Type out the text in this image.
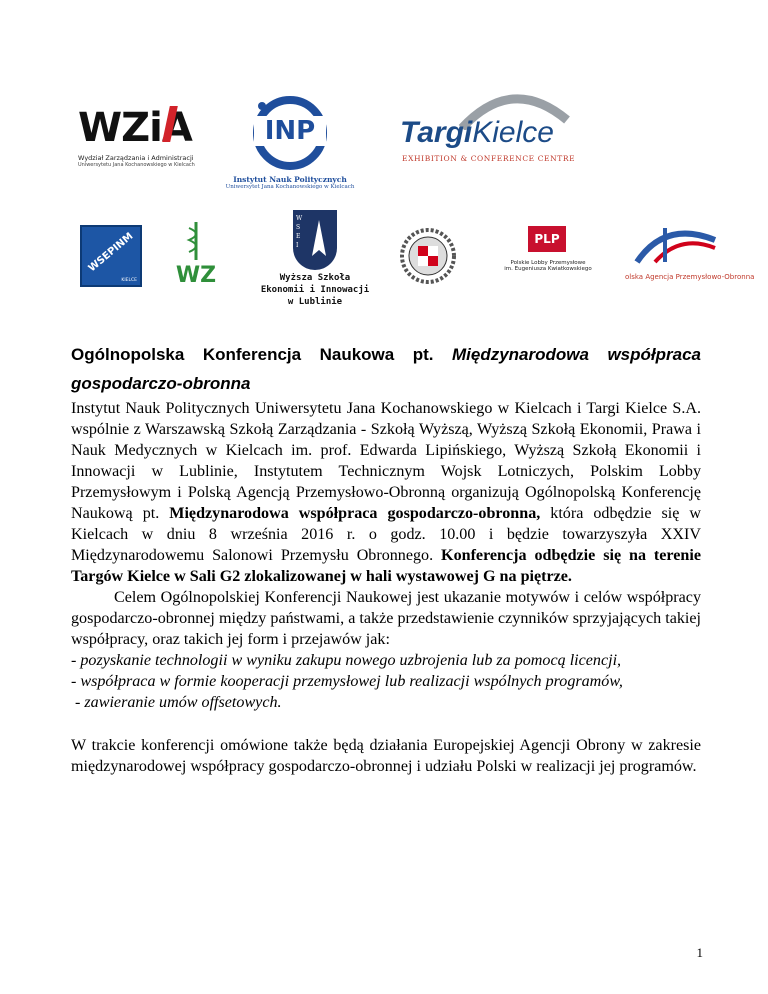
WZiA
Wydział Zarządzania i Administracji
Uniwersytetu Jana Kochanowskiego w Kielcach
INP
Instytut Nauk Politycznych
Uniwersytet Jana Kochanowskiego w Kielcach
TargiKielce
EXHIBITION & CONFERENCE CENTRE
WSEPINM
KIELCE	WZ
W S E I
Wyższa Szkoła
Ekonomii i Innowacji
w Lublinie
PLP
Polskie Lobby Przemysłowe
im. Eugeniusza Kwiatkowskiego
olska Agencja Przemysłowo-Obronna
Ogólnopolska Konferencja Naukowa pt. Międzynarodowa współpraca gospodarczo-obronna

Instytut Nauk Politycznych Uniwersytetu Jana Kochanowskiego w Kielcach i Targi Kielce S.A. wspólnie z Warszawską Szkołą Zarządzania - Szkołą Wyższą, Wyższą Szkołą Ekonomii, Prawa i Nauk Medycznych w Kielcach im. prof. Edwarda Lipińskiego, Wyższą Szkołą Ekonomii i Innowacji w Lublinie, Instytutem Technicznym Wojsk Lotniczych, Polskim Lobby Przemysłowym i Polską Agencją Przemysłowo-Obronną organizują Ogólnopolską Konferencję Naukową pt. Międzynarodowa współpraca gospodarczo-obronna, która odbędzie się w Kielcach w dniu 8 września 2016 r. o godz. 10.00 i będzie towarzyszyła XXIV Międzynarodowemu Salonowi Przemysłu Obronnego. Konferencja odbędzie się na terenie Targów Kielce w Sali G2 zlokalizowanej w hali wystawowej G na piętrze.

Celem Ogólnopolskiej Konferencji Naukowej jest ukazanie motywów i celów współpracy gospodarczo-obronnej między państwami, a także przedstawienie czynników sprzyjających takiej współpracy, oraz takich jej form i przejawów jak:

- pozyskanie technologii w wyniku zakupu nowego uzbrojenia lub za pomocą licencji,

- współpraca w formie kooperacji przemysłowej lub realizacji wspólnych programów,

- zawieranie umów offsetowych.

W trakcie konferencji omówione także będą działania Europejskiej Agencji Obrony w zakresie międzynarodowej współpracy gospodarczo-obronnej i udziału Polski w realizacji jej programów.

1
